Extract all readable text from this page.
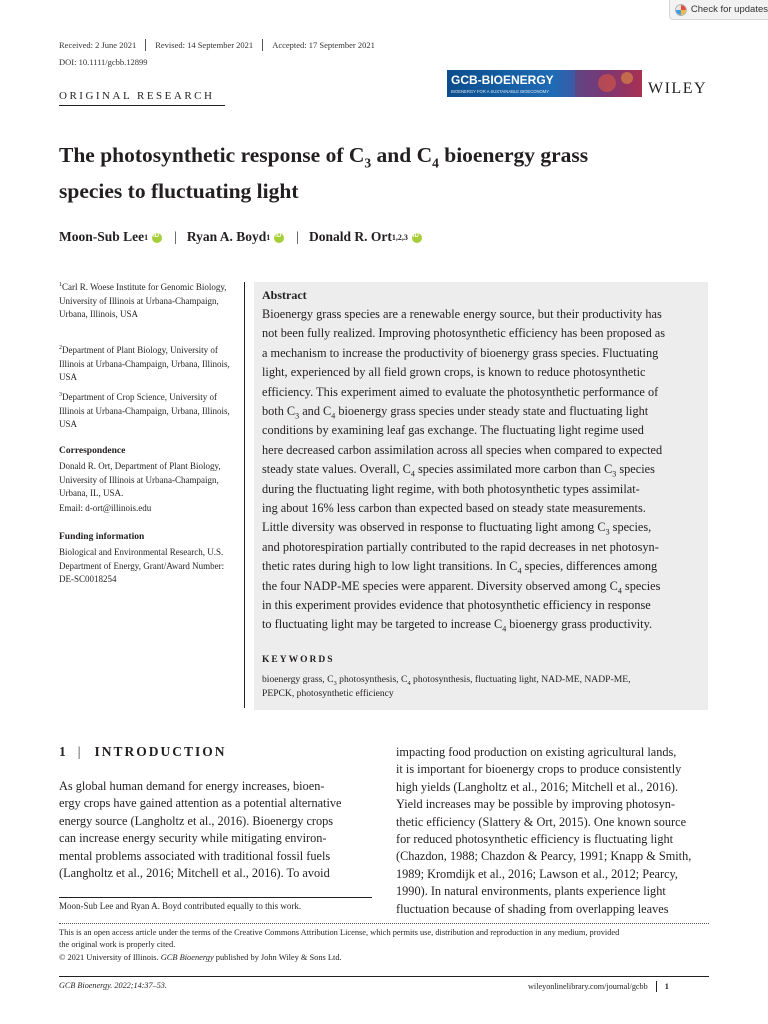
Check for updates
Received: 2 June 2021 Revised: 14 September 2021 Accepted: 17 September 2021
DOI: 10.1111/gcbb.12899
ORIGINAL RESEARCH
GCB-BIOENERGY
BIOENERGY FOR A SUSTAINABLE BIOECONOMY	WILEY
The photosynthetic response of $C_3$ and $C_4$ bioenergy grass
species to fluctuating light
Moon-Sub Lee 1 iD | Ryan A. Boyd 1 iD | Donald R. Ort 1,2,3
iD
$^1$Carl R. Woese Institute for Genomic Biology, University of Illinois at Urbana-Champaign, Urbana, Illinois, USA
$^2$Department of Plant Biology, University of Illinois at Urbana-Champaign, Urbana, Illinois, USA
$^3$Department of Crop Science, University of Illinois at Urbana-Champaign, Urbana, Illinois, USA
Correspondence
Donald R. Ort, Department of Plant Biology, University of Illinois at Urbana-Champaign, Urbana, IL, USA.
Email: d-ort@illinois.edu
Funding information
Biological and Environmental Research, U.S. Department of Energy, Grant/Award Number: DE-SC0018254
Abstract
Bioenergy grass species are a renewable energy source, but their productivity has
not been fully realized. Improving photosynthetic efficiency has been proposed as
a mechanism to increase the productivity of bioenergy grass species. Fluctuating
light, experienced by all field grown crops, is known to reduce photosynthetic
efficiency. This experiment aimed to evaluate the photosynthetic performance of
both $C_3$ and $C_4$ bioenergy grass species under steady state and fluctuating light
conditions by examining leaf gas exchange. The fluctuating light regime used
here decreased carbon assimilation across all species when compared to expected
steady state values. Overall, $C_4$ species assimilated more carbon than $C_3$ species
during the fluctuating light regime, with both photosynthetic types assimilat-
ing about 16% less carbon than expected based on steady state measurements.
Little diversity was observed in response to fluctuating light among $C_3$ species,
and photorespiration partially contributed to the rapid decreases in net photosyn-
thetic rates during high to low light transitions. In $C_4$ species, differences among
the four NADP-ME species were apparent. Diversity observed among $C_4$ species
in this experiment provides evidence that photosynthetic efficiency in response
to fluctuating light may be targeted to increase $C_4$ bioenergy grass productivity.
KEYWORDS
bioenergy grass, $C_3$ photosynthesis, $C_4$ photosynthesis, fluctuating light, NAD-ME, NADP-ME,
PEPCK, photosynthetic efficiency
1 | INTRODUCTION
As global human demand for energy increases, bioen-
ergy crops have gained attention as a potential alternative
energy source (Langholtz et al., 2016). Bioenergy crops
can increase energy security while mitigating environ-
mental problems associated with traditional fossil fuels
(Langholtz et al., 2016; Mitchell et al., 2016). To avoid
impacting food production on existing agricultural lands,
it is important for bioenergy crops to produce consistently
high yields (Langholtz et al., 2016; Mitchell et al., 2016).
Yield increases may be possible by improving photosyn-
thetic efficiency (Slattery & Ort, 2015). One known source
for reduced photosynthetic efficiency is fluctuating light
(Chazdon, 1988; Chazdon & Pearcy, 1991; Knapp & Smith,
1989; Kromdijk et al., 2016; Lawson et al., 2012; Pearcy,
1990). In natural environments, plants experience light
fluctuation because of shading from overlapping leaves
Moon-Sub Lee and Ryan A. Boyd contributed equally to this work.
This is an open access article under the terms of the Creative Commons Attribution License, which permits use, distribution and reproduction in any medium, provided
the original work is properly cited.
© 2021 University of Illinois. GCB Bioenergy published by John Wiley & Sons Ltd.
GCB Bioenergy. 2022;14:37–53.	wileyonlinelibrary.com/journal/gcbb 1
